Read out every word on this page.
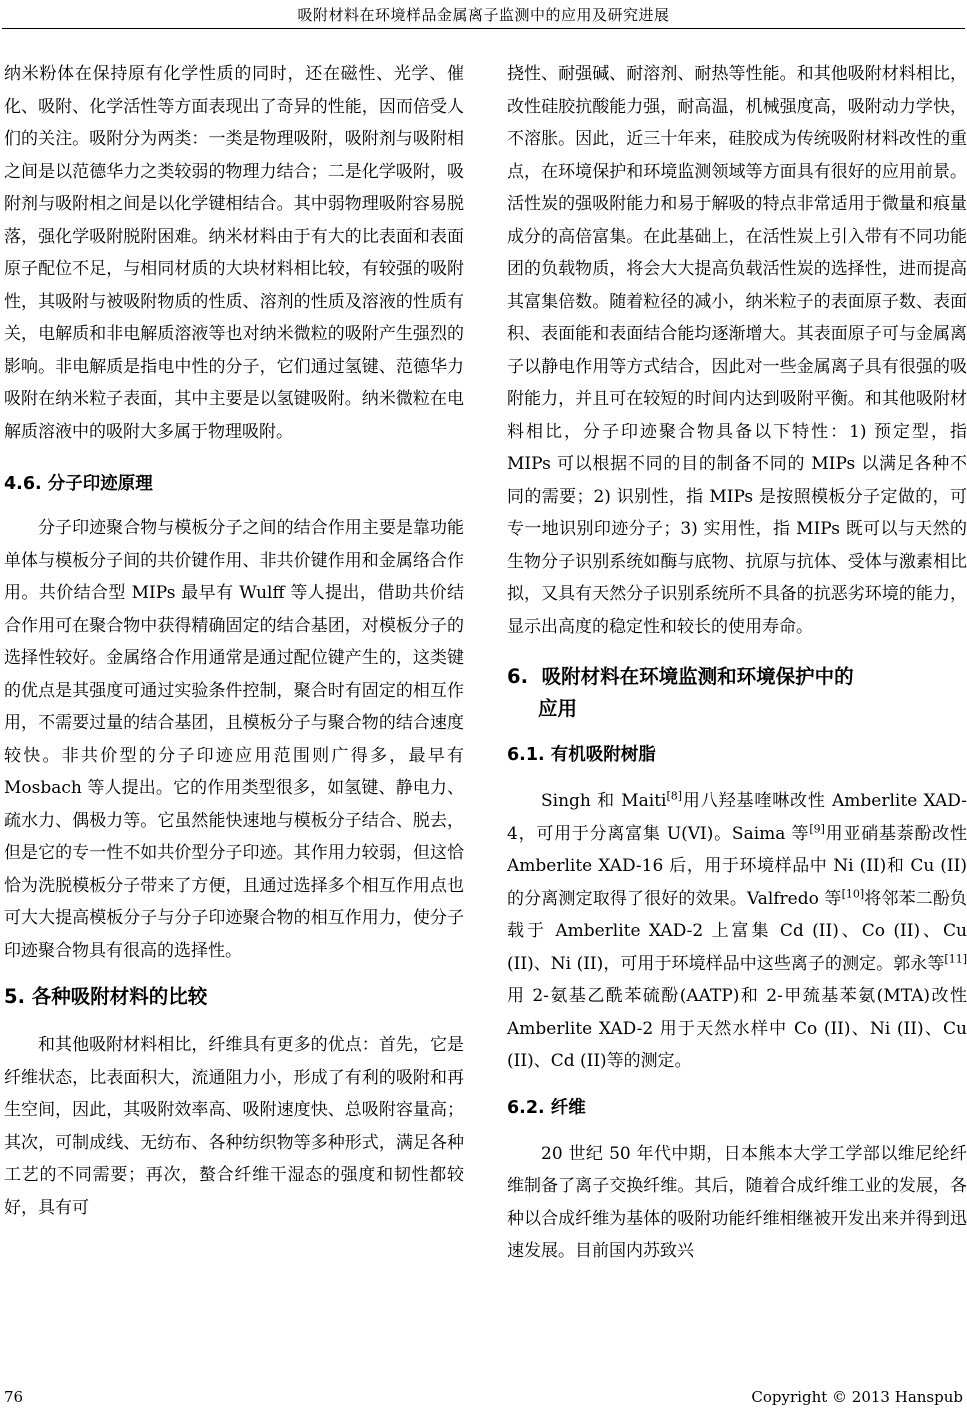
吸附材料在环境样品金属离子监测中的应用及研究进展

纳米粉体在保持原有化学性质的同时，还在磁性、光学、催化、吸附、化学活性等方面表现出了奇异的性能，因而倍受人们的关注。吸附分为两类：一类是物理吸附，吸附剂与吸附相之间是以范德华力之类较弱的物理力结合；二是化学吸附，吸附剂与吸附相之间是以化学键相结合。其中弱物理吸附容易脱落，强化学吸附脱附困难。纳米材料由于有大的比表面和表面原子配位不足，与相同材质的大块材料相比较，有较强的吸附性，其吸附与被吸附物质的性质、溶剂的性质及溶液的性质有关，电解质和非电解质溶液等也对纳米微粒的吸附产生强烈的影响。非电解质是指电中性的分子，它们通过氢键、范德华力吸附在纳米粒子表面，其中主要是以氢键吸附。纳米微粒在电解质溶液中的吸附大多属于物理吸附。

4.6. 分子印迹原理

分子印迹聚合物与模板分子之间的结合作用主要是靠功能单体与模板分子间的共价键作用、非共价键作用和金属络合作用。共价结合型 MIPs 最早有 Wulff 等人提出，借助共价结合作用可在聚合物中获得精确固定的结合基团，对模板分子的选择性较好。金属络合作用通常是通过配位键产生的，这类键的优点是其强度可通过实验条件控制，聚合时有固定的相互作用，不需要过量的结合基团，且模板分子与聚合物的结合速度较快。非共价型的分子印迹应用范围则广得多，最早有 Mosbach 等人提出。它的作用类型很多，如氢键、静电力、疏水力、偶极力等。它虽然能快速地与模板分子结合、脱去，但是它的专一性不如共价型分子印迹。其作用力较弱，但这恰恰为洗脱模板分子带来了方便，且通过选择多个相互作用点也可大大提高模板分子与分子印迹聚合物的相互作用力，使分子印迹聚合物具有很高的选择性。

5. 各种吸附材料的比较

和其他吸附材料相比，纤维具有更多的优点：首先，它是纤维状态，比表面积大，流通阻力小，形成了有利的吸附和再生空间，因此，其吸附效率高、吸附速度快、总吸附容量高；其次，可制成线、无纺布、各种纺织物等多种形式，满足各种工艺的不同需要；再次，螯合纤维干湿态的强度和韧性都较好，具有可

挠性、耐强碱、耐溶剂、耐热等性能。和其他吸附材料相比，改性硅胶抗酸能力强，耐高温，机械强度高，吸附动力学快，不溶胀。因此，近三十年来，硅胶成为传统吸附材料改性的重点，在环境保护和环境监测领域等方面具有很好的应用前景。活性炭的强吸附能力和易于解吸的特点非常适用于微量和痕量成分的高倍富集。在此基础上，在活性炭上引入带有不同功能团的负载物质，将会大大提高负载活性炭的选择性，进而提高其富集倍数。随着粒径的减小，纳米粒子的表面原子数、表面积、表面能和表面结合能均逐渐增大。其表面原子可与金属离子以静电作用等方式结合，因此对一些金属离子具有很强的吸附能力，并且可在较短的时间内达到吸附平衡。和其他吸附材料相比，分子印迹聚合物具备以下特性：1) 预定型，指 MIPs 可以根据不同的目的制备不同的 MIPs 以满足各种不同的需要；2) 识别性，指 MIPs 是按照模板分子定做的，可专一地识别印迹分子；3) 实用性，指 MIPs 既可以与天然的生物分子识别系统如酶与底物、抗原与抗体、受体与激素相比拟，又具有天然分子识别系统所不具备的抗恶劣环境的能力，显示出高度的稳定性和较长的使用寿命。

6. 吸附材料在环境监测和环境保护中的
应用
6.1. 有机吸附树脂

Singh 和 Maiti[8]用八羟基喹啉改性 Amberlite XAD-4，可用于分离富集 U(VI)。Saima 等[9]用亚硝基萘酚改性 Amberlite XAD-16 后，用于环境样品中 Ni (II)和 Cu (II)的分离测定取得了很好的效果。Valfredo 等[10]将邻苯二酚负载于 Amberlite XAD-2 上富集 Cd (II)、Co (II)、Cu (II)、Ni (II)，可用于环境样品中这些离子的测定。郭永等[11]用 2-氨基乙酰苯硫酚(AATP)和 2-甲巯基苯氨(MTA)改性 Amberlite XAD-2 用于天然水样中 Co (II)、Ni (II)、Cu (II)、Cd (II)等的测定。

6.2. 纤维

20 世纪 50 年代中期，日本熊本大学工学部以维尼纶纤维制备了离子交换纤维。其后，随着合成纤维工业的发展，各种以合成纤维为基体的吸附功能纤维相继被开发出来并得到迅速发展。目前国内苏致兴

76	Copyright © 2013 Hanspub
